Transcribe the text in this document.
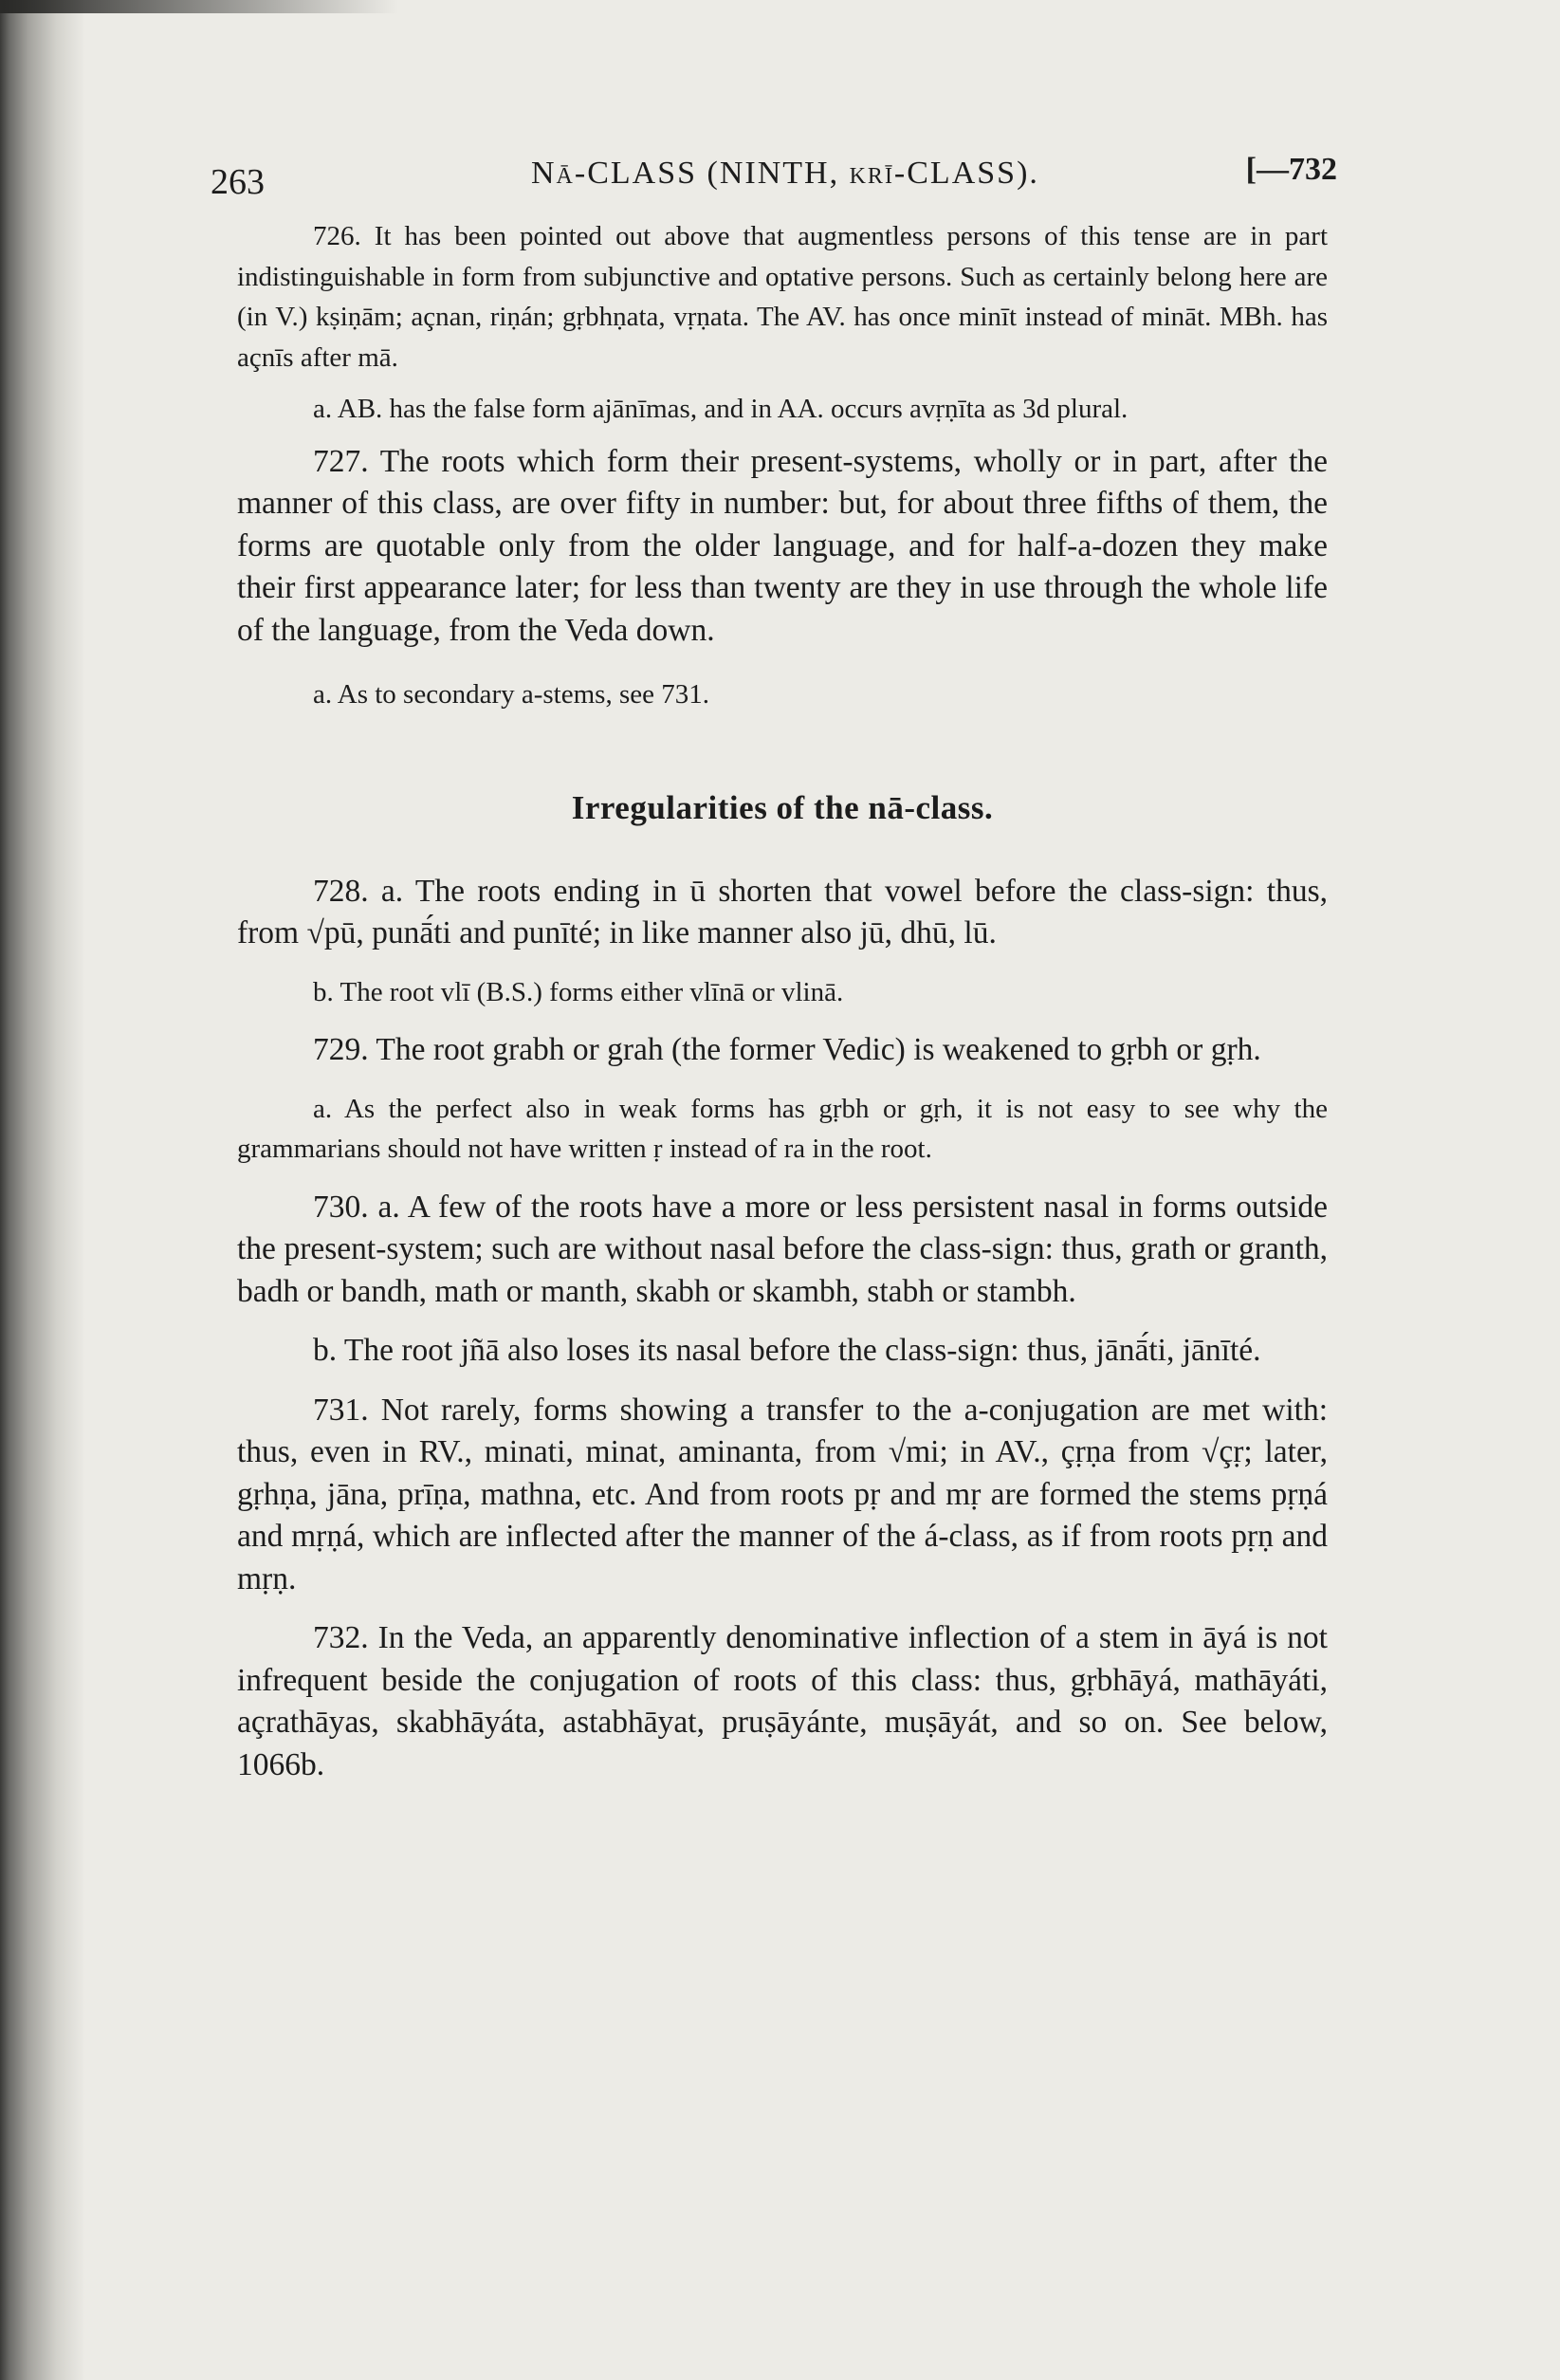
263	Nā-CLASS (NINTH, krī-CLASS).	[—732

726. It has been pointed out above that augmentless persons of this tense are in part indistinguishable in form from subjunctive and optative persons. Such as certainly belong here are (in V.) kṣiṇām; açnan, riṇán; gṛbhṇata, vṛṇata. The AV. has once minīt instead of mināt. MBh. has açnīs after mā.

a. AB. has the false form ajānīmas, and in AA. occurs avṛṇīta as 3d plural.

727. The roots which form their present-systems, wholly or in part, after the manner of this class, are over fifty in number: but, for about three fifths of them, the forms are quotable only from the older language, and for half-a-dozen they make their first appearance later; for less than twenty are they in use through the whole life of the language, from the Veda down.

a. As to secondary a-stems, see 731.

Irregularities of the nā-class.

728. a. The roots ending in ū shorten that vowel before the class-sign: thus, from √pū, punā́ti and punīté; in like manner also jū, dhū, lū.

b. The root vlī (B.S.) forms either vlīnā or vlinā.

729. The root grabh or grah (the former Vedic) is weakened to gṛbh or gṛh.

a. As the perfect also in weak forms has gṛbh or gṛh, it is not easy to see why the grammarians should not have written ṛ instead of ra in the root.

730. a. A few of the roots have a more or less persistent nasal in forms outside the present-system; such are without nasal before the class-sign: thus, grath or granth, badh or bandh, math or manth, skabh or skambh, stabh or stambh.

b. The root jñā also loses its nasal before the class-sign: thus, jānā́ti, jānīté.

731. Not rarely, forms showing a transfer to the a-conjugation are met with: thus, even in RV., minati, minat, aminanta, from √mi; in AV., çṛṇa from √çṛ; later, gṛhṇa, jāna, prīṇa, mathna, etc. And from roots pṛ and mṛ are formed the stems pṛṇá and mṛṇá, which are inflected after the manner of the á-class, as if from roots pṛṇ and mṛṇ.

732. In the Veda, an apparently denominative inflection of a stem in āyá is not infrequent beside the conjugation of roots of this class: thus, gṛbhāyá, mathāyáti, açrathāyas, skabhāyáta, astabhāyat, pruṣāyánte, muṣāyát, and so on. See below, 1066b.
